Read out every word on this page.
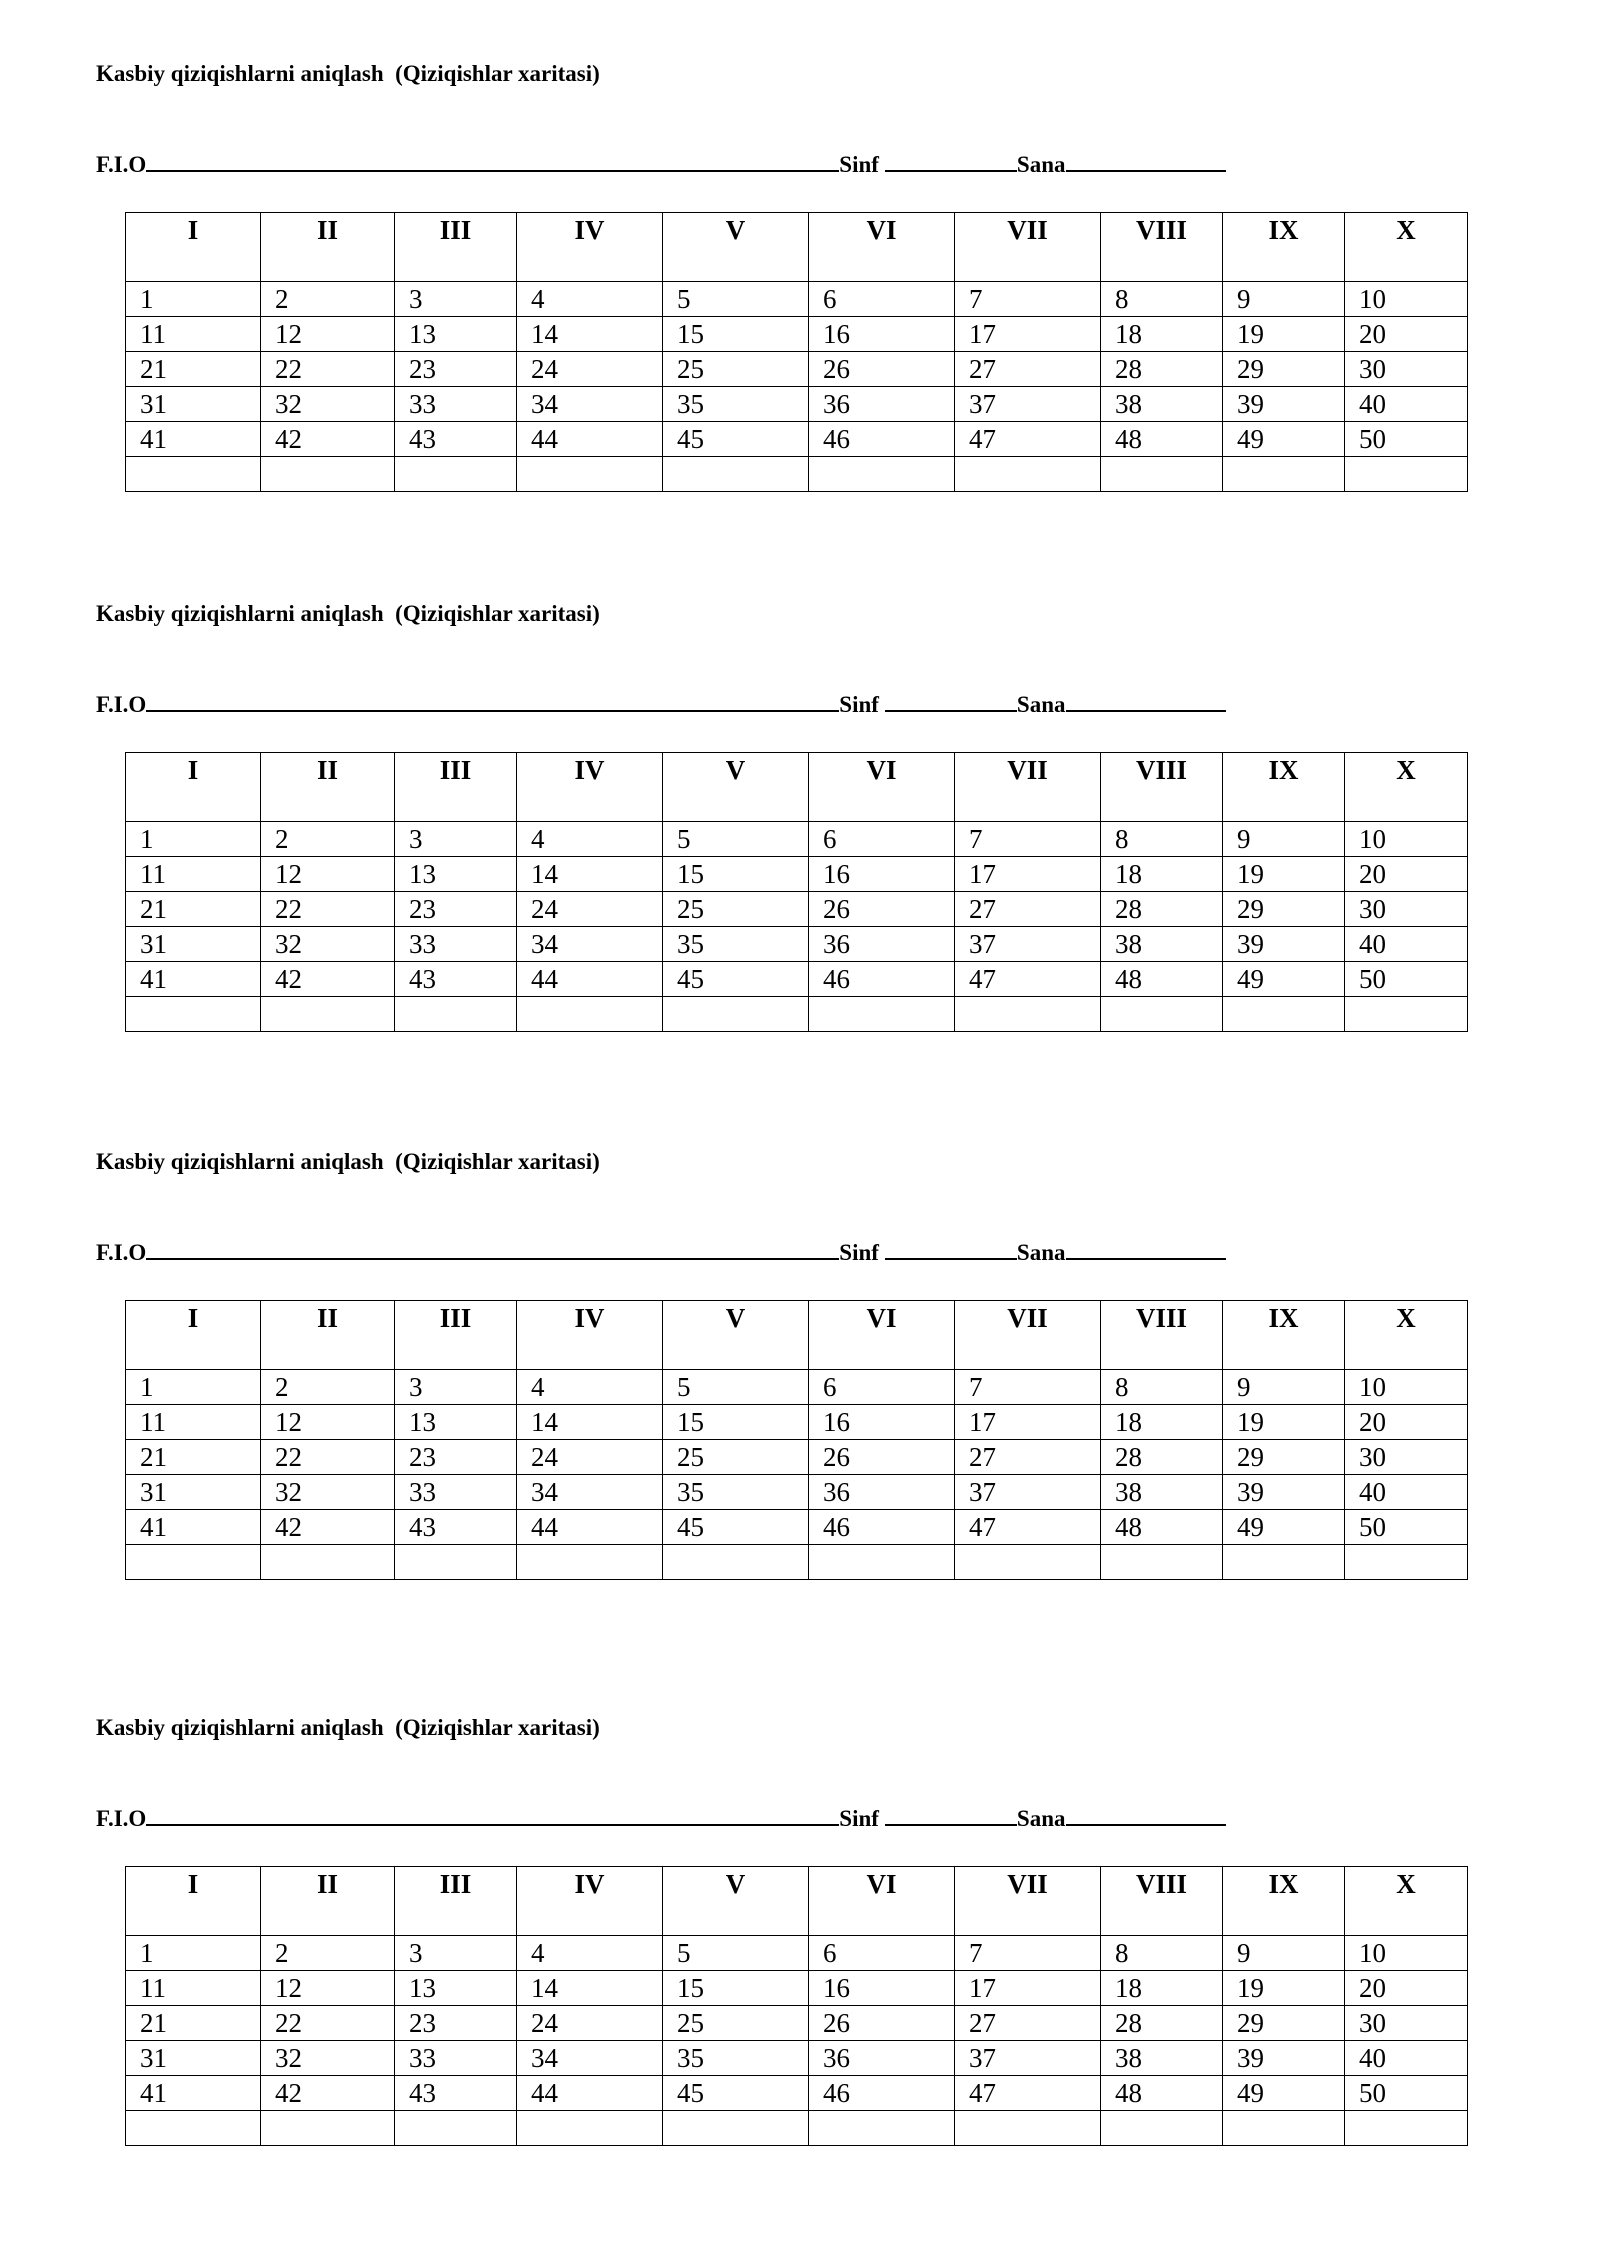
Kasbiy qiziqishlarni aniqlash  (Qiziqishlar xaritasi)
F.I.O	Sinf	Sana
I	II	III	IV	V	VI	VII	VIII	IX	X
1	2	3	4	5	6	7	8	9	10
11	12	13	14	15	16	17	18	19	20
21	22	23	24	25	26	27	28	29	30
31	32	33	34	35	36	37	38	39	40
41	42	43	44	45	46	47	48	49	50

Kasbiy qiziqishlarni aniqlash  (Qiziqishlar xaritasi)
F.I.O	Sinf	Sana
I	II	III	IV	V	VI	VII	VIII	IX	X
1	2	3	4	5	6	7	8	9	10
11	12	13	14	15	16	17	18	19	20
21	22	23	24	25	26	27	28	29	30
31	32	33	34	35	36	37	38	39	40
41	42	43	44	45	46	47	48	49	50

Kasbiy qiziqishlarni aniqlash  (Qiziqishlar xaritasi)
F.I.O	Sinf	Sana
I	II	III	IV	V	VI	VII	VIII	IX	X
1	2	3	4	5	6	7	8	9	10
11	12	13	14	15	16	17	18	19	20
21	22	23	24	25	26	27	28	29	30
31	32	33	34	35	36	37	38	39	40
41	42	43	44	45	46	47	48	49	50

Kasbiy qiziqishlarni aniqlash  (Qiziqishlar xaritasi)
F.I.O	Sinf	Sana
I	II	III	IV	V	VI	VII	VIII	IX	X
1	2	3	4	5	6	7	8	9	10
11	12	13	14	15	16	17	18	19	20
21	22	23	24	25	26	27	28	29	30
31	32	33	34	35	36	37	38	39	40
41	42	43	44	45	46	47	48	49	50
